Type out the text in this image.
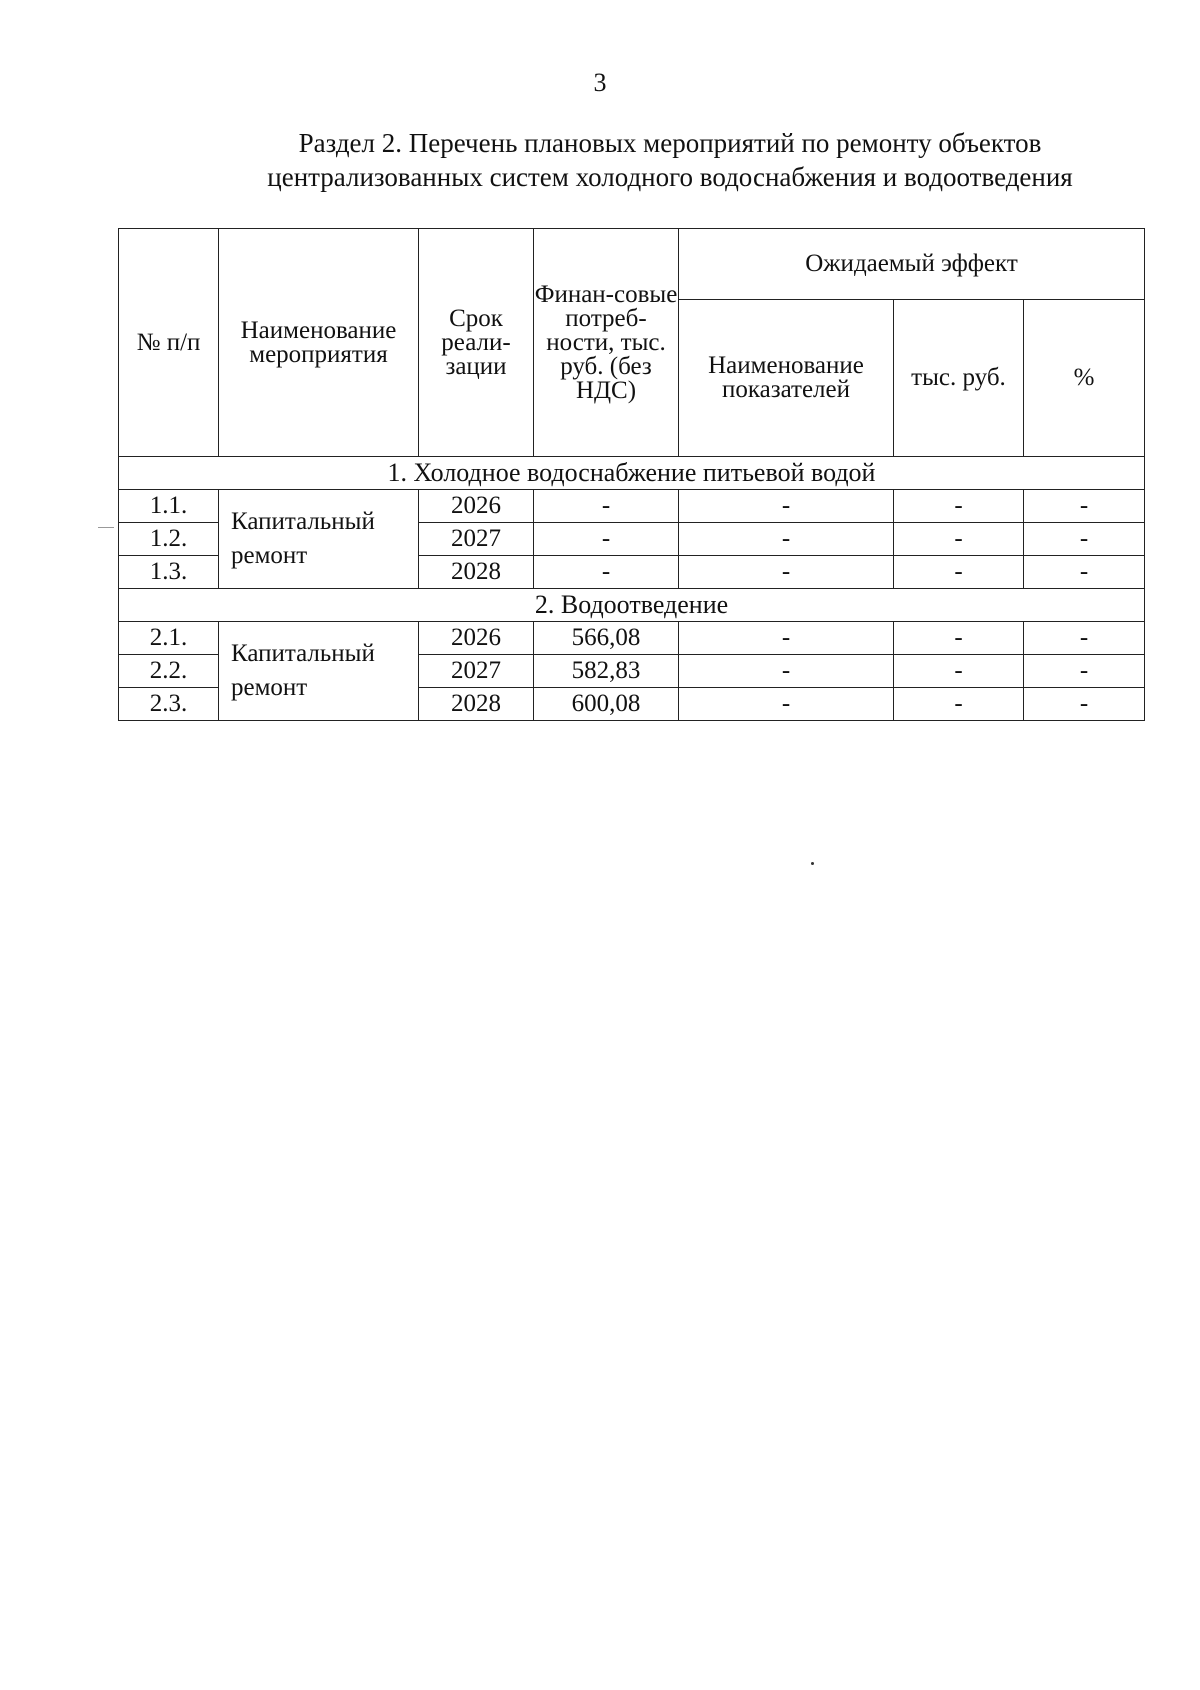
3
Раздел 2. Перечень плановых мероприятий по ремонту объектов
централизованных систем холодного водоснабжения и водоотведения
№ п/п	Наименование мероприятия	Срок реали-зации	Финан-совые потреб-ности, тыс. руб. (без НДС)	Ожидаемый эффект		
				Наименование показателей	тыс. руб.	%
1. Холодное водоснабжение питьевой водой						
1.1.	Капитальный ремонт	2026	-	-	-	-
1.2.		2027	-	-	-	-
1.3.		2028	-	-	-	-
2. Водоотведение						
2.1.	Капитальный ремонт	2026	566,08	-	-	-
2.2.		2027	582,83	-	-	-
2.3.		2028	600,08	-	-	-
